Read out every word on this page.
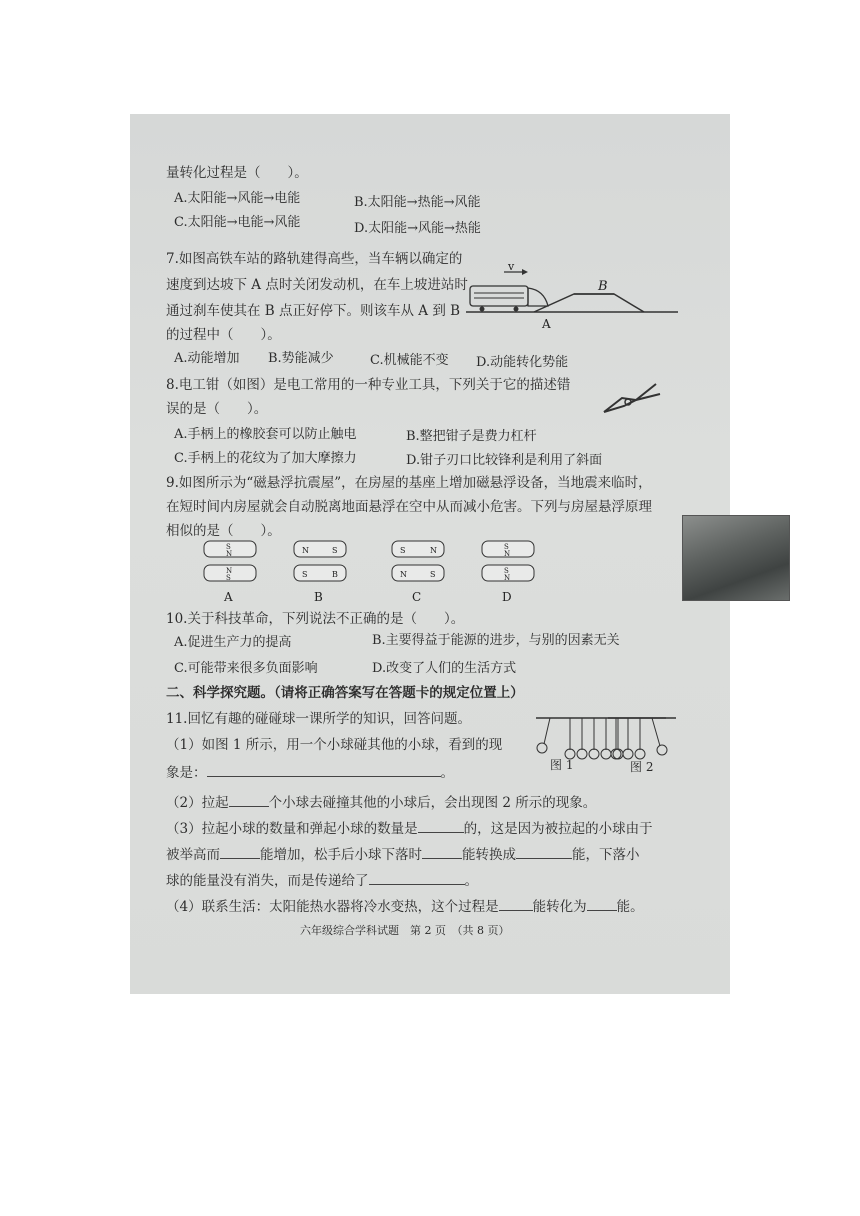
量转化过程是（　　）。
A.太阳能→风能→电能	B.太阳能→热能→风能
C.太阳能→电能→风能	D.太阳能→风能→热能
7.如图高铁车站的路轨建得高些，当车辆以确定的
速度到达坡下 A 点时关闭发动机，在车上坡进站时
通过刹车使其在 B 点正好停下。则该车从 A 到 B
的过程中（　　）。
A.动能增加 B.势能减少	C.机械能不变 D.动能转化势能
v
B
A
8.电工钳（如图）是电工常用的一种专业工具，下列关于它的描述错
误的是（　　）。
A.手柄上的橡胶套可以防止触电	B.整把钳子是费力杠杆
C.手柄上的花纹为了加大摩擦力	D.钳子刃口比较锋利是利用了斜面
9.如图所示为“磁悬浮抗震屋”，在房屋的基座上增加磁悬浮设备，当地震来临时，
在短时间内房屋就会自动脱离地面悬浮在空中从而减小危害。下列与房屋悬浮原理
相似的是（　　）。
S
N
N
S
A
N	S
S	B
B
S	N
N	S
C
S
N
S
N
D
10.关于科技革命，下列说法不正确的是（　　）。
A.促进生产力的提高	B.主要得益于能源的进步，与别的因素无关
C.可能带来很多负面影响	D.改变了人们的生活方式
二、科学探究题。（请将正确答案写在答题卡的规定位置上）
11.回忆有趣的碰碰球一课所学的知识，回答问题。
图 1	图 2
（1）如图 1 所示，用一个小球碰其他的小球，看到的现
象是：	。
（2）拉起	个小球去碰撞其他的小球后，会出现图 2 所示的现象。
（3）拉起小球的数量和弹起小球的数量是	的，这是因为被拉起的小球由于
被举高而	能增加，松手后小球下落时	能转换成	能，下落小
球的能量没有消失，而是传递给了	。
（4）联系生活：太阳能热水器将冷水变热，这个过程是	能转化为 能。
六年级综合学科试题　第 2 页　（共 8 页）
